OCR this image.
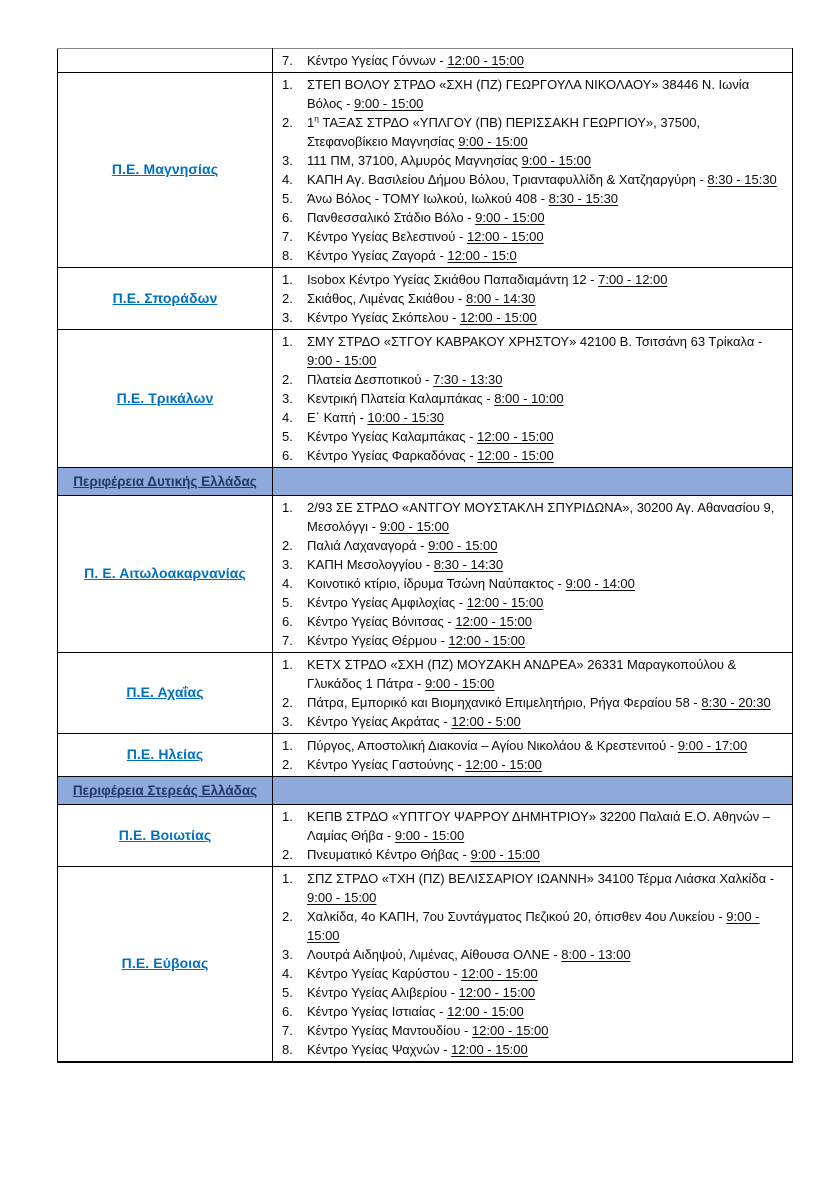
	7. Κέντρο Υγείας Γόννων - 12:00 - 15:00

Π.Ε. Μαγνησίας	
1.	ΣΤΕΠ ΒΟΛΟΥ ΣΤΡΔΟ «ΣΧΗ (ΠΖ) ΓΕΩΡΓΟΥΛΑ ΝΙΚΟΛΑΟΥ» 38446 Ν. Ιωνία Βόλος - 9:00 - 15:00
2.	$1^\eta$ ΤΑΞΑΣ ΣΤΡΔΟ «ΥΠΛΓΟΥ (ΠΒ) ΠΕΡΙΣΣΑΚΗ ΓΕΩΡΓΙΟΥ», 37500, Στεφανοβίκειο Μαγνησίας 9:00 - 15:00
3.	111 ΠΜ, 37100, Αλμυρός Μαγνησίας 9:00 - 15:00
4.	ΚΑΠΗ Αγ. Βασιλείου Δήμου Βόλου, Τριανταφυλλίδη & Χατζηαργύρη - 8:30 - 15:30
5.	Άνω Βόλος - ΤΟΜΥ Ιωλκού, Ιωλκού 408 - 8:30 - 15:30
6.	Πανθεσσαλικό Στάδιο Βόλο - 9:00 - 15:00
7.	Κέντρο Υγείας Βελεστινού - 12:00 - 15:00
8.	Κέντρο Υγείας Ζαγορά - 12:00 - 15:0

Π.Ε. Σποράδων	
1.	Isobox Κέντρο Υγείας Σκιάθου Παπαδιαμάντη 12 - 7:00 - 12:00
2.	Σκιάθος, Λιμένας Σκιάθου - 8:00 - 14:30
3.	Κέντρο Υγείας Σκόπελου - 12:00 - 15:00

Π.Ε. Τρικάλων	
1.	ΣΜΥ ΣΤΡΔΟ «ΣΤΓΟΥ ΚΑΒΡΑΚΟΥ ΧΡΗΣΤΟΥ» 42100 Β. Τσιτσάνη 63 Τρίκαλα - 9:00 - 15:00
2.	Πλατεία Δεσποτικού - 7:30 - 13:30
3.	Κεντρική Πλατεία Καλαμπάκας - 8:00 - 10:00
4.	Ε΄ Καπή - 10:00 - 15:30
5.	Κέντρο Υγείας Καλαμπάκας - 12:00 - 15:00
6.	Κέντρο Υγείας Φαρκαδόνας - 12:00 - 15:00

Περιφέρεια Δυτικής Ελλάδας	
Π. Ε. Αιτωλοακαρνανίας	
1.	2/93 ΣΕ ΣΤΡΔΟ «ΑΝΤΓΟΥ ΜΟΥΣΤΑΚΛΗ ΣΠΥΡΙΔΩΝΑ», 30200 Αγ. Αθανασίου 9, Μεσολόγγι - 9:00 - 15:00
2.	Παλιά Λαχαναγορά - 9:00 - 15:00
3.	ΚΑΠΗ Μεσολογγίου - 8:30 - 14:30
4.	Κοινοτικό κτίριο, ίδρυμα Τσώνη Ναύπακτος - 9:00 - 14:00
5.	Κέντρο Υγείας Αμφιλοχίας - 12:00 - 15:00
6.	Κέντρο Υγείας Βόνιτσας - 12:00 - 15:00
7.	Κέντρο Υγείας Θέρμου - 12:00 - 15:00

Π.Ε. Αχαΐας	
1.	ΚΕΤΧ ΣΤΡΔΟ «ΣΧΗ (ΠΖ) ΜΟΥΖΑΚΗ ΑΝΔΡΕΑ» 26331 Μαραγκοπούλου & Γλυκάδος 1 Πάτρα - 9:00 - 15:00
2.	Πάτρα, Εμπορικό και Βιομηχανικό Επιμελητήριο, Ρήγα Φεραίου 58 - 8:30 - 20:30
3.	Κέντρο Υγείας Ακράτας - 12:00 - 5:00

Π.Ε. Ηλείας	1. Πύργος, Αποστολική Διακονία – Αγίου Νικολάου & Κρεστενιτού - 9:00 - 17:00
2. Κέντρο Υγείας Γαστούνης - 12:00 - 15:00

Περιφέρεια Στερεάς Ελλάδας	
Π.Ε. Βοιωτίας	1. ΚΕΠΒ ΣΤΡΔΟ «ΥΠΤΓΟΥ ΨΑΡΡΟΥ ΔΗΜΗΤΡΙΟΥ» 32200 Παλαιά Ε.Ο. Αθηνών – Λαμίας Θήβα - 9:00 - 15:00
2. Πνευματικό Κέντρο Θήβας - 9:00 - 15:00

Π.Ε. Εύβοιας	
1.	ΣΠΖ ΣΤΡΔΟ «ΤΧΗ (ΠΖ) ΒΕΛΙΣΣΑΡΙΟΥ ΙΩΑΝΝΗ» 34100 Τέρμα Λιάσκα Χαλκίδα - 9:00 - 15:00
2.	Χαλκίδα, 4ο ΚΑΠΗ, 7ου Συντάγματος Πεζικού 20, όπισθεν 4ου Λυκείου - 9:00 - 15:00
3.	Λουτρά Αιδηψού, Λιμένας, Αίθουσα ΟΛΝΕ - 8:00 - 13:00
4.	Κέντρο Υγείας Καρύστου - 12:00 - 15:00
5.	Κέντρο Υγείας Αλιβερίου - 12:00 - 15:00
6.	Κέντρο Υγείας Ιστιαίας - 12:00 - 15:00
7.	Κέντρο Υγείας Μαντουδίου - 12:00 - 15:00
8.	Κέντρο Υγείας Ψαχνών - 12:00 - 15:00
